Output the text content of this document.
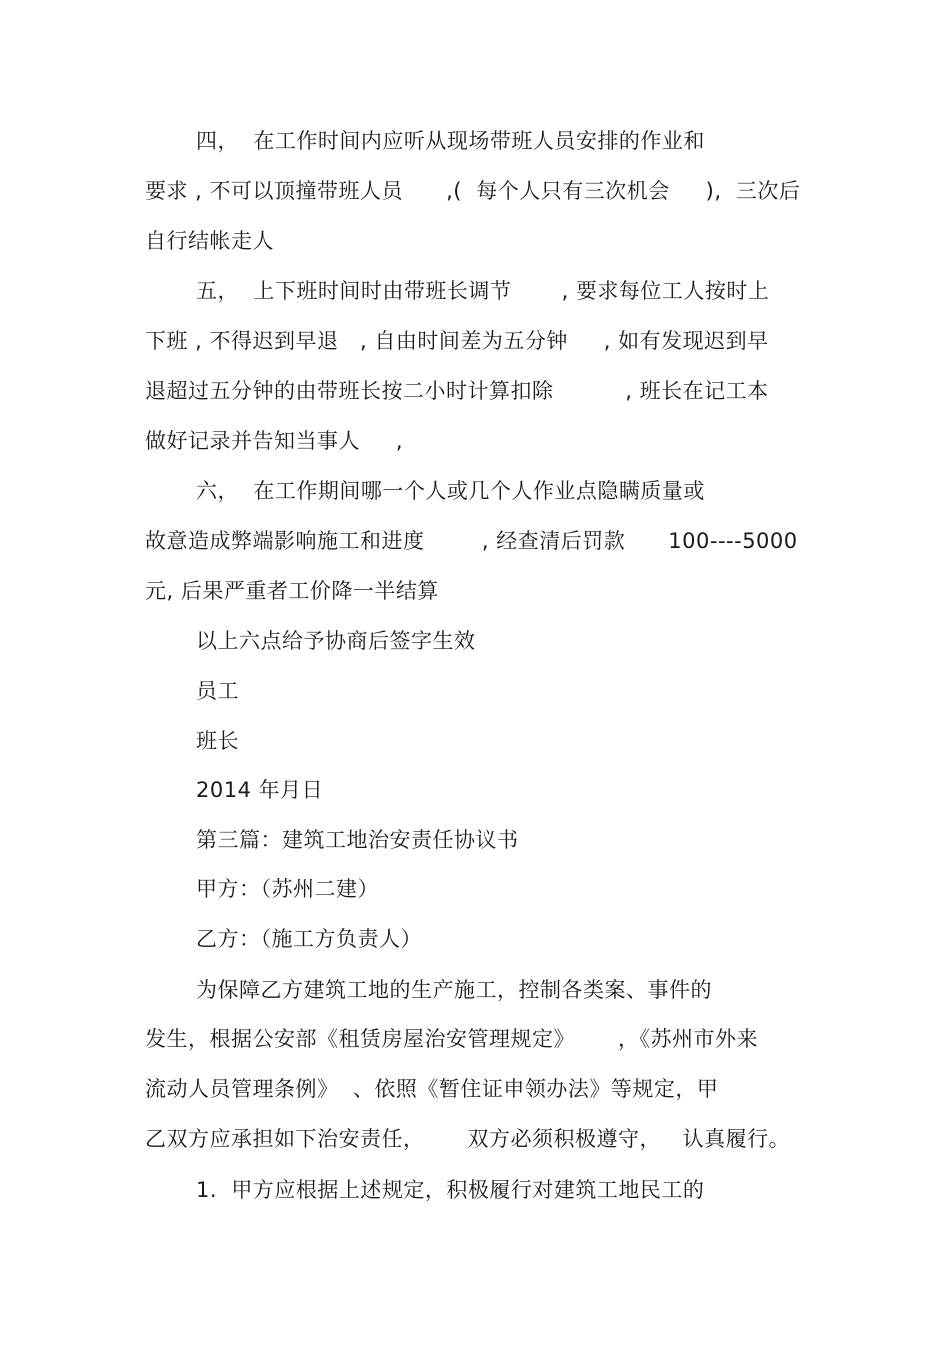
四，  在工作时间内应听从现场带班人员安排的作业和
要求 , 不可以顶撞带班人员      ,(  每个人只有三次机会     ),  三次后
自行结帐走人
五，  上下班时间时由带班长调节       , 要求每位工人按时上
下班 , 不得迟到早退   , 自由时间差为五分钟     , 如有发现迟到早
退超过五分钟的由带班长按二小时计算扣除          , 班长在记工本
做好记录并告知当事人     ,
六，  在工作期间哪一个人或几个人作业点隐瞒质量或
故意造成弊端影响施工和进度        , 经查清后罚款      100----5000
元, 后果严重者工价降一半结算
以上六点给予协商后签字生效
员工
班长
2014 年月日
第三篇：建筑工地治安责任协议书
甲方：（苏州二建）
乙方：（施工方负责人）
为保障乙方建筑工地的生产施工，控制各类案、事件的
发生，根据公安部《租赁房屋治安管理规定》      ，《苏州市外来
流动人员管理条例》  、依照《暂住证申领办法》等规定，甲
乙双方应承担如下治安责任，      双方必须积极遵守，   认真履行。
1.  甲方应根据上述规定，积极履行对建筑工地民工的
